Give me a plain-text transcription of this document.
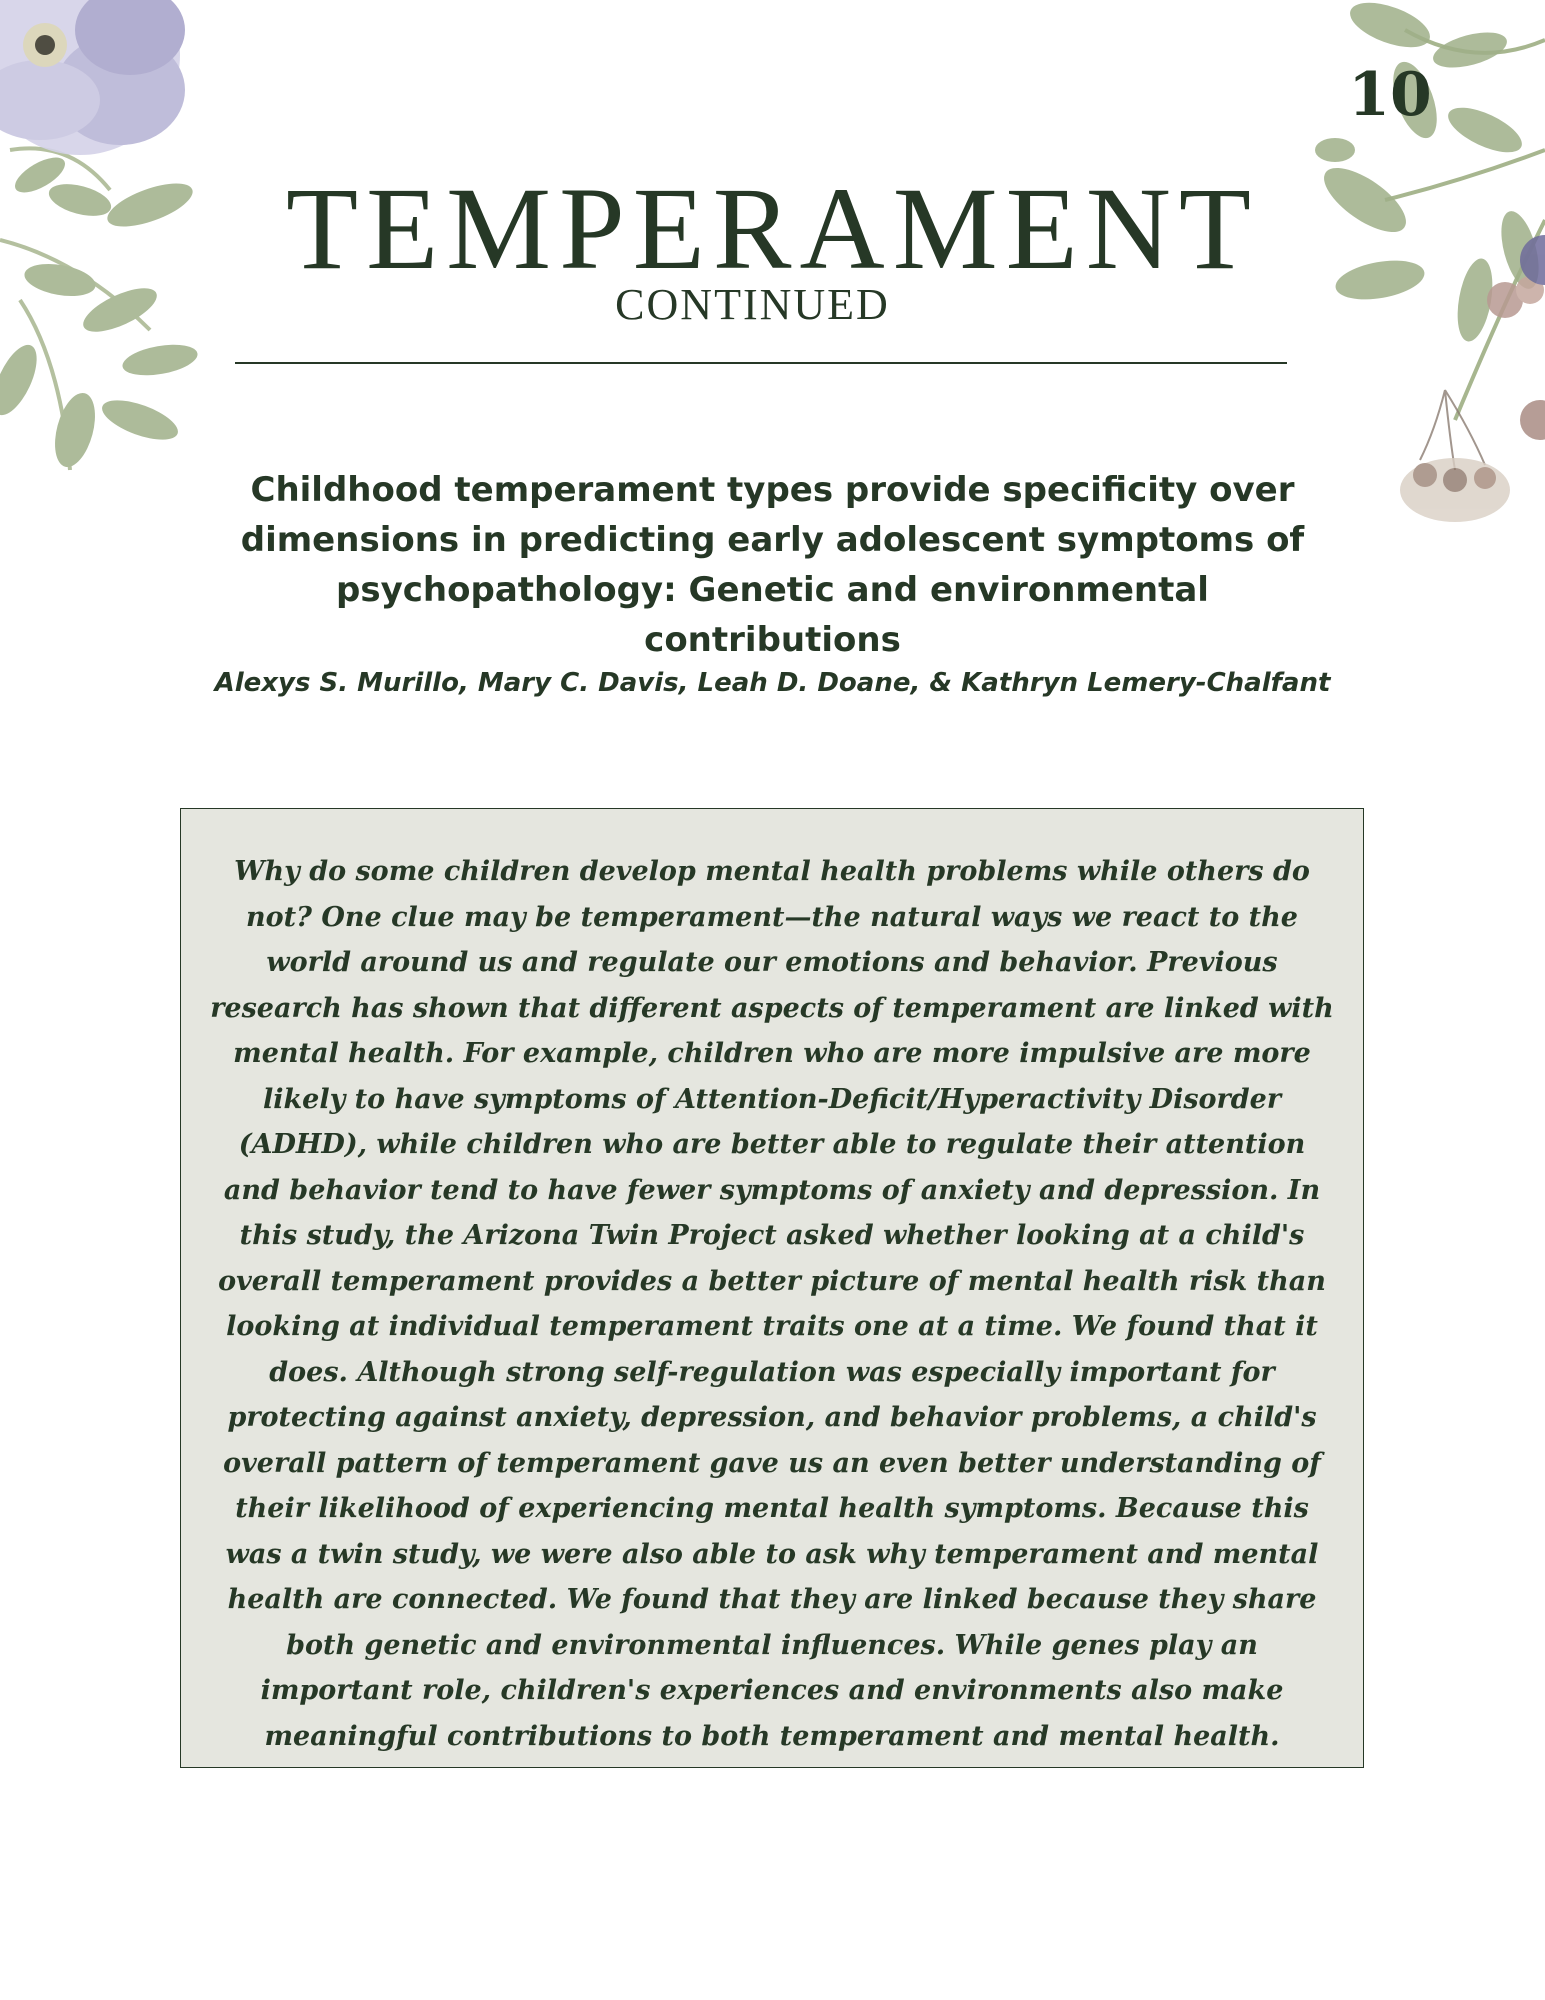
10
TEMPERAMENT
CONTINUED
Childhood temperament types provide specificity over dimensions in predicting early adolescent symptoms of psychopathology: Genetic and environmental contributions
Alexys S. Murillo, Mary C. Davis, Leah D. Doane, & Kathryn Lemery-Chalfant

Why do some children develop mental health problems while others do not? One clue may be temperament—the natural ways we react to the world around us and regulate our emotions and behavior. Previous research has shown that different aspects of temperament are linked with mental health. For example, children who are more impulsive are more likely to have symptoms of Attention-Deficit/Hyperactivity Disorder (ADHD), while children who are better able to regulate their attention and behavior tend to have fewer symptoms of anxiety and depression. In this study, the Arizona Twin Project asked whether looking at a child's overall temperament provides a better picture of mental health risk than looking at individual temperament traits one at a time. We found that it does. Although strong self-regulation was especially important for protecting against anxiety, depression, and behavior problems, a child's overall pattern of temperament gave us an even better understanding of their likelihood of experiencing mental health symptoms. Because this was a twin study, we were also able to ask why temperament and mental health are connected. We found that they are linked because they share both genetic and environmental influences. While genes play an important role, children's experiences and environments also make meaningful contributions to both temperament and mental health.
